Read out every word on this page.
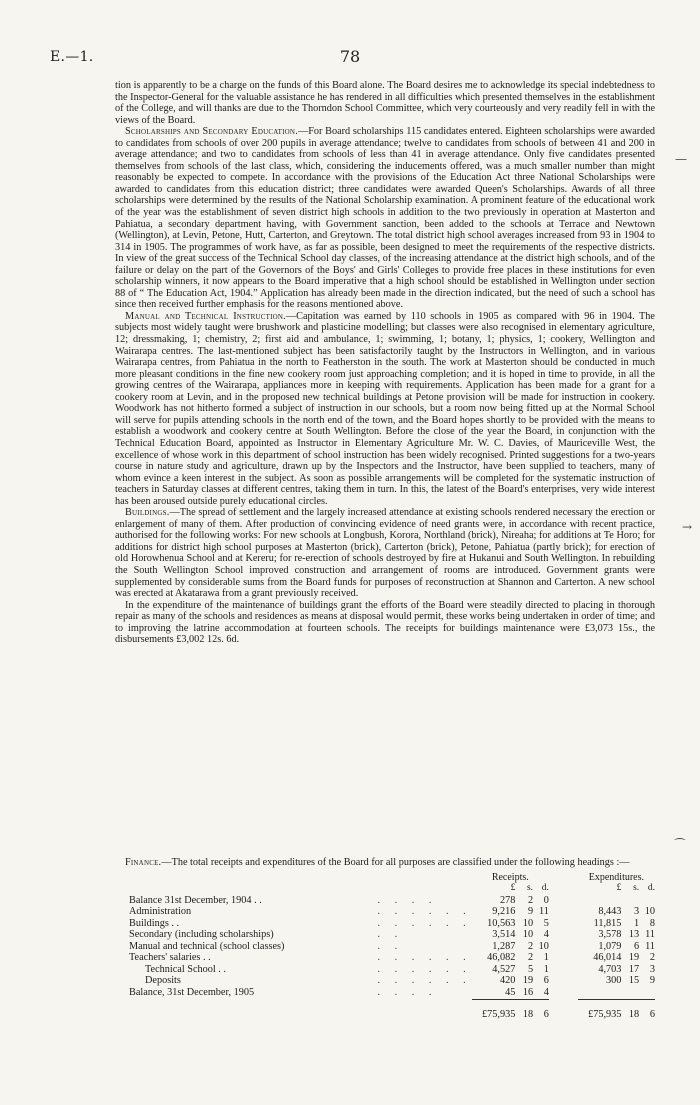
E.—1.	78

tion is apparently to be a charge on the funds of this Board alone. The Board desires me to acknowledge its special indebtedness to the Inspector-General for the valuable assistance he has rendered in all difficulties which presented themselves in the establishment of the College, and will thanks are due to the Thorndon School Committee, which very courteously and very readily fell in with the views of the Board.

Scholarships and Secondary Education.—For Board scholarships 115 candidates entered. Eighteen scholarships were awarded to candidates from schools of over 200 pupils in average attendance; twelve to candidates from schools of between 41 and 200 in average attendance; and two to candidates from schools of less than 41 in average attendance. Only five candidates presented themselves from schools of the last class, which, considering the inducements offered, was a much smaller number than might reasonably be expected to compete. In accordance with the provisions of the Education Act three National Scholarships were awarded to candidates from this education district; three candidates were awarded Queen's Scholarships. Awards of all three scholarships were determined by the results of the National Scholarship examination. A prominent feature of the educational work of the year was the establishment of seven district high schools in addition to the two previously in operation at Masterton and Pahiatua, a secondary department having, with Government sanction, been added to the schools at Terrace and Newtown (Wellington), at Levin, Petone, Hutt, Carterton, and Greytown. The total district high school averages increased from 93 in 1904 to 314 in 1905. The programmes of work have, as far as possible, been designed to meet the requirements of the respective districts. In view of the great success of the Technical School day classes, of the increasing attendance at the district high schools, and of the failure or delay on the part of the Governors of the Boys' and Girls' Colleges to provide free places in these institutions for even scholarship winners, it now appears to the Board imperative that a high school should be established in Wellington under section 88 of “ The Education Act, 1904.” Application has already been made in the direction indicated, but the need of such a school has since then received further emphasis for the reasons mentioned above.

Manual and Technical Instruction.—Capitation was earned by 110 schools in 1905 as compared with 96 in 1904. The subjects most widely taught were brushwork and plasticine modelling; but classes were also recognised in elementary agriculture, 12; dressmaking, 1; chemistry, 2; first aid and ambulance, 1; swimming, 1; botany, 1; physics, 1; cookery, Wellington and Wairarapa centres. The last-mentioned subject has been satisfactorily taught by the Instructors in Wellington, and in various Wairarapa centres, from Pahiatua in the north to Featherston in the south. The work at Masterton should be conducted in much more pleasant conditions in the fine new cookery room just approaching completion; and it is hoped in time to provide, in all the growing centres of the Wairarapa, appliances more in keeping with requirements. Application has been made for a grant for a cookery room at Levin, and in the proposed new technical buildings at Petone provision will be made for instruction in cookery. Woodwork has not hitherto formed a subject of instruction in our schools, but a room now being fitted up at the Normal School will serve for pupils attending schools in the north end of the town, and the Board hopes shortly to be provided with the means to establish a woodwork and cookery centre at South Wellington. Before the close of the year the Board, in conjunction with the Technical Education Board, appointed as Instructor in Elementary Agriculture Mr. W. C. Davies, of Mauriceville West, the excellence of whose work in this department of school instruction has been widely recognised. Printed suggestions for a two-years course in nature study and agriculture, drawn up by the Inspectors and the Instructor, have been supplied to teachers, many of whom evince a keen interest in the subject. As soon as possible arrangements will be completed for the systematic instruction of teachers in Saturday classes at different centres, taking them in turn. In this, the latest of the Board's enterprises, very wide interest has been aroused outside purely educational circles.

Buildings.—The spread of settlement and the largely increased attendance at existing schools rendered necessary the erection or enlargement of many of them. After production of convincing evidence of need grants were, in accordance with recent practice, authorised for the following works: For new schools at Longbush, Korora, Northland (brick), Nireaha; for additions at Te Horo; for additions for district high school purposes at Masterton (brick), Carterton (brick), Petone, Pahiatua (partly brick); for erection of old Horowhenua School and at Kereru; for re-erection of schools destroyed by fire at Hukanui and South Wellington. In rebuilding the South Wellington School improved construction and arrangement of rooms are introduced. Government grants were supplemented by considerable sums from the Board funds for purposes of reconstruction at Shannon and Carterton. A new school was erected at Akatarawa from a grant previously received.

In the expenditure of the maintenance of buildings grant the efforts of the Board were steadily directed to placing in thorough repair as many of the schools and residences as means at disposal would permit, these works being undertaken in order of time; and to improving the latrine accommodation at fourteen schools. The receipts for buildings maintenance were £3,073 15s., the disbursements £3,002 12s. 6d.

Finance.—The total receipts and expenditures of the Board for all purposes are classified under the following headings :—

		Receipts.				Expenditures.		
		£	s.	d.		£	s.	d.
Balance 31st December, 1904 . .	. . . .	278	2	0				
Administration	. . . . . .	9,216	9	11		8,443	3	10
Buildings . .	. . . . . .	10,563	10	5		11,815	1	8
Secondary (including scholarships)	. .	3,514	10	4		3,578	13	11
Manual and technical (school classes)	. .	1,287	2	10		1,079	6	11
Teachers' salaries . .	. . . . . .	46,082	2	1		46,014	19	2
Technical School . .	. . . . . .	4,527	5	1		4,703	17	3
Deposits	. . . . . .	420	19	6		300	15	9
Balance, 31st December, 1905	. . . .	45	16	4				
		£75,935	18	6		£75,935	18	6
—
→
⁀
